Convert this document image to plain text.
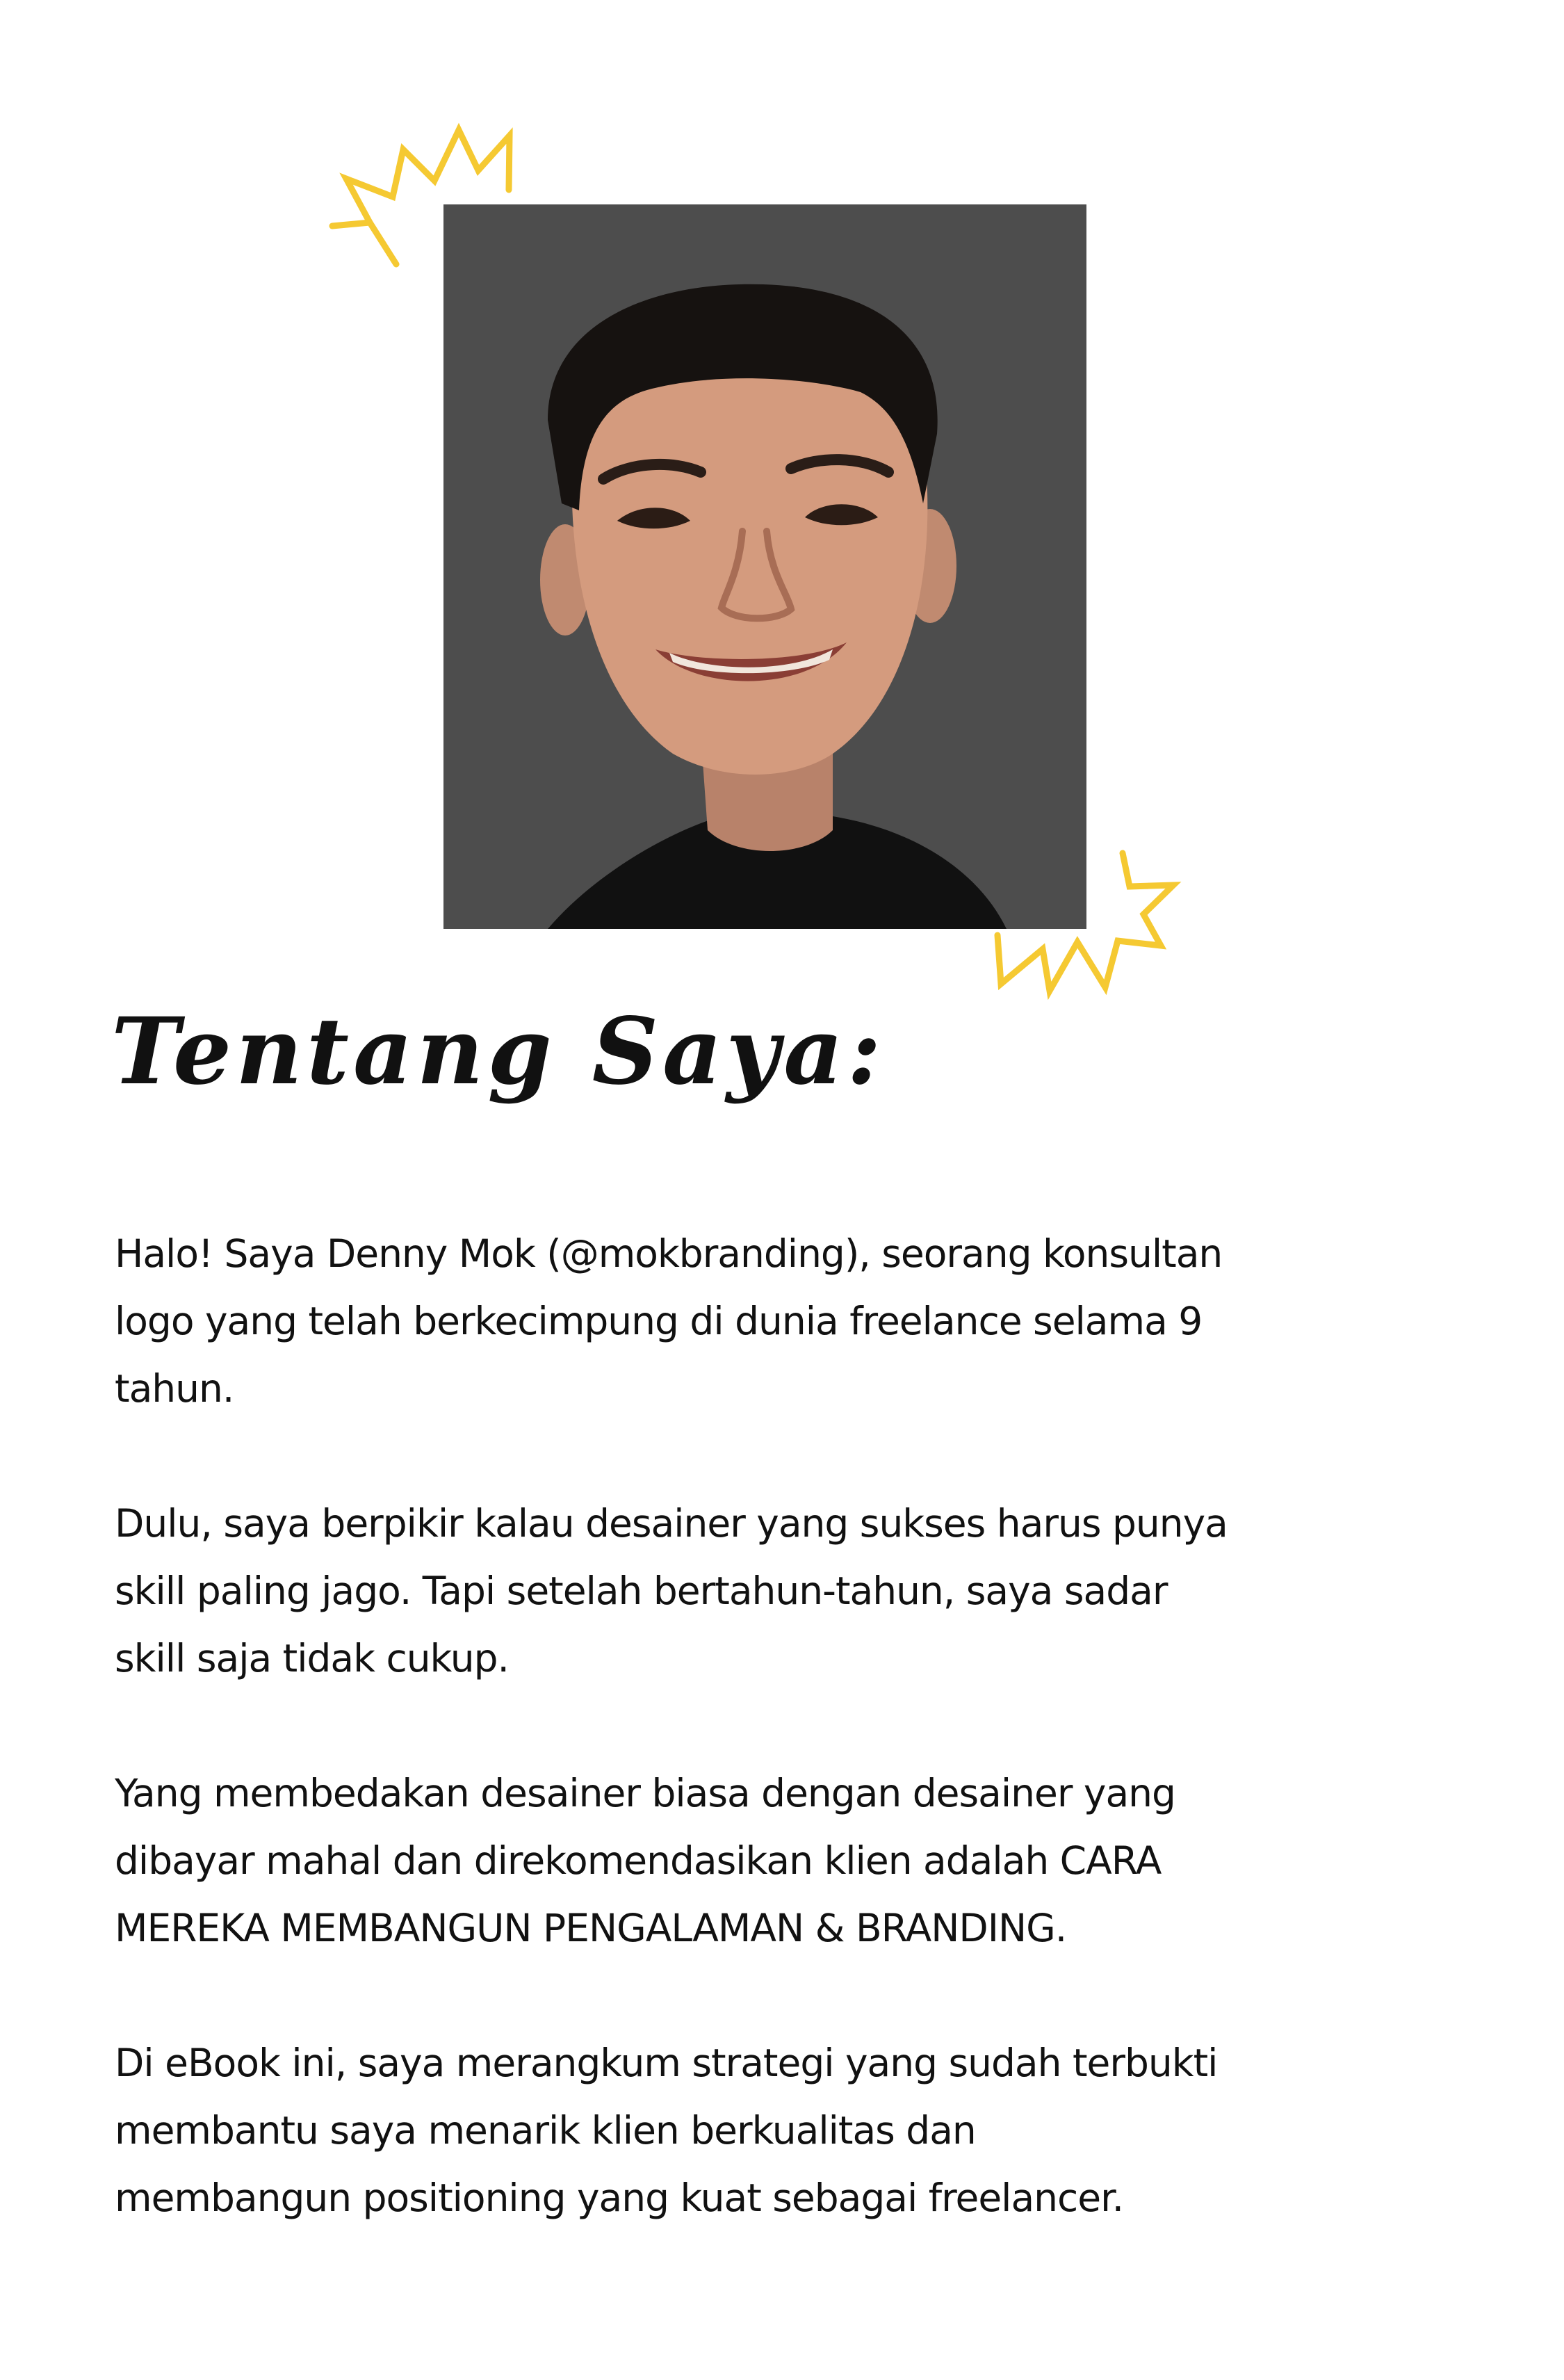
Tentang Saya:

Halo! Saya Denny Mok (@mokbranding), seorang konsultan
logo yang telah berkecimpung di dunia freelance selama 9
tahun.

Dulu, saya berpikir kalau desainer yang sukses harus punya
skill paling jago. Tapi setelah bertahun-tahun, saya sadar
skill saja tidak cukup.

Yang membedakan desainer biasa dengan desainer yang
dibayar mahal dan direkomendasikan klien adalah CARA
MEREKA MEMBANGUN PENGALAMAN & BRANDING.

Di eBook ini, saya merangkum strategi yang sudah terbukti
membantu saya menarik klien berkualitas dan
membangun positioning yang kuat sebagai freelancer.
